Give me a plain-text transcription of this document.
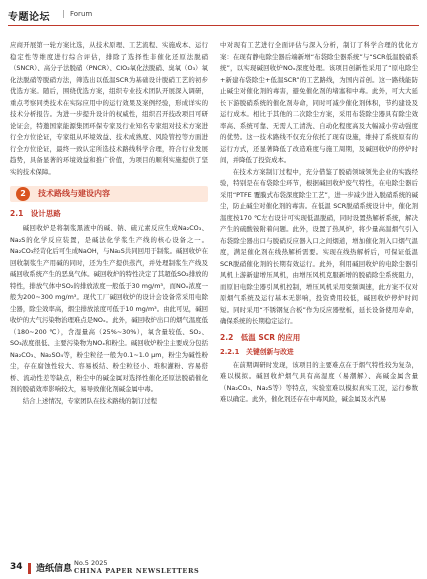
专题论坛 | Forum

应商开展第一轮方案比选，从技术原理、工艺流程、实施成本、运行稳定性等维度进行综合评估，排除了选择性非催化还原法脱硝（SNCR）、高分子法脱硝（PNCR）、ClO₂氧化法脱硝、臭氧（O₃）氧化法脱硝等脱硝方法，筛选出以低温SCR为基础设计脱硝工艺的初步优选方案。随后，围绕优选方案，组织专业技术团队开展深入调研，重点考察同类技术在实际应用中的运行效果及案例经验，形成详实的技术分析报告。为进一步提升设计的权威性，组织召开技改项目可研论证会，特邀国家能源集团环保专家及行业知名专家组对技术方案进行全方位论证，专家组从环境效益、技术成熟度、风险管控等方面进行全方位论证，最终一致认定所选技术路线科学合理，符合行业发展趋势，具备显著的环境效益和推广价值，为项目的顺利实施提供了坚实的技术保障。

2	技术路线与建设内容
2.1　设计思路

碱回收炉是将制浆黑液中的碱、钠、硫元素反应生成Na₂CO₃、Na₂S的化学反应装置，是碱法化学浆生产线的核心设备之一。Na₂CO₃经苛化后可生成NaOH，与Na₂S共同回用于制浆。碱回收炉在回收制浆生产用碱的同时，还为生产提供蒸汽，并处理制浆生产线及碱回收系统产生的恶臭气体。碱回收炉的特性决定了其超低SO₂排放的特性，排放气体中SO₂的排放浓度一般低于30 mg/m³，而NOₓ浓度一般为200~300 mg/m³。现代工厂碱回收炉的设计会设备常采用电除尘器，除尘效率高，烟尘排放浓度可低于10 mg/m³。由此可见，碱回收炉的大气污染物治理难点是NOₓ。此外，碱回收炉出口的烟气温度低（180~200 ℃），含湿量高（25%~30%），氧含量较低、SO₂、SO₃浓度很低、主要污染物为NOₓ和粉尘。碱回收炉粉尘主要成分包括Na₂CO₃、Na₂SO₄等，粉尘粒径一般为0.1~1.0 μm，粉尘为碱性粉尘，存在腐蚀性较大、容易板结、粉尘粒径小、堆积灌粉、容易搭桥、流动性差等缺点，粉尘中的碱金属对选择性催化还原法脱硝催化剂的脱硝效率影响较大，易导致催化剂碱金属中毒。

结合上述情况，专家团队在技术路线的制订过程

中对现有工艺进行全面评估与深入分析，制订了科学合理的优化方案：在现有静电除尘器后端新增“布袋除尘器系统”与“SCR低温脱硝系统”，以实现碱回收炉NOₓ深度处理。该项目创新性采用了“原电除尘+新建布袋除尘+低温SCR”的工艺路线，为国内首创。这一路线能防止碱尘对催化剂的毒害，避免催化剂的堵塞和中毒。此外，可大大延长下游脱硝系统的催化剂寿命，同时可减少催化剂体积，节约建设及运行成本。相比于其他的二次除尘方案，采用布袋除尘器具有除尘效率高、系统可靠、无需人工清洗、自动化程度高及大幅减小劳动强度的优势。这一技术路线不仅充分依托了现有设施，维持了系统原有的运行方式，还显著降低了改造难度与施工周期，及碱回收炉的停炉时间，并降低了投资成本。

在技术方案制订过程中，充分借鉴了脱硝领域领先企业的实践经验，特别是在布袋除尘环节，根据碱回收炉废气特性，在电除尘器后采用“PTFE 覆膜式布袋深度除尘工艺”，进一步减少进入脱硝系统的碱尘，防止碱尘对催化剂的毒害。在低温 SCR脱硝系统设计中，催化剂温度按170 ℃左右设计可实现低温脱硝，同时设置热解析系统，解决产生的硫酸铵附着问题。此外，设置了热风炉，将少量高温烟气引入布袋除尘器出口与脱硝反应器入口之间烟道，增加催化剂入口烟气温度，满足催化剂在线热解析需要。实现在线热解析后，可保证低温SCR脱硝催化剂的长期有效运行。此外，利用碱回收炉的电除尘器引风机上游新建增压风机，由增压风机克服新增的脱硝除尘系统阻力，而原旧电除尘器引风机控制，增压风机采用变频调速，此方案不仅对原烟气系统及运行基本无影响，投资费用较低，碱回收炉停炉时间短。同时采用“不锈钢复合板”作为反应器壁板，延长设备使用寿命，确保系统的长期稳定运行。

2.2　低温 SCR 的应用
2.2.1　关键创新与改进

在前期调研时发现，该项目的主要难点在于烟气特性较为复杂，难以模拟。碱回收炉烟气具有高湿度（易潮解）、高碱金属含量（Na₂CO₃、Na₂S等）等特点，实验室难以模拟真实工况，运行参数难以确定。此外，催化剂还存在中毒风险，碱金属及水汽易

34 造纸信息
No.5 2025
CHINA PAPER NEWSLETTERS
